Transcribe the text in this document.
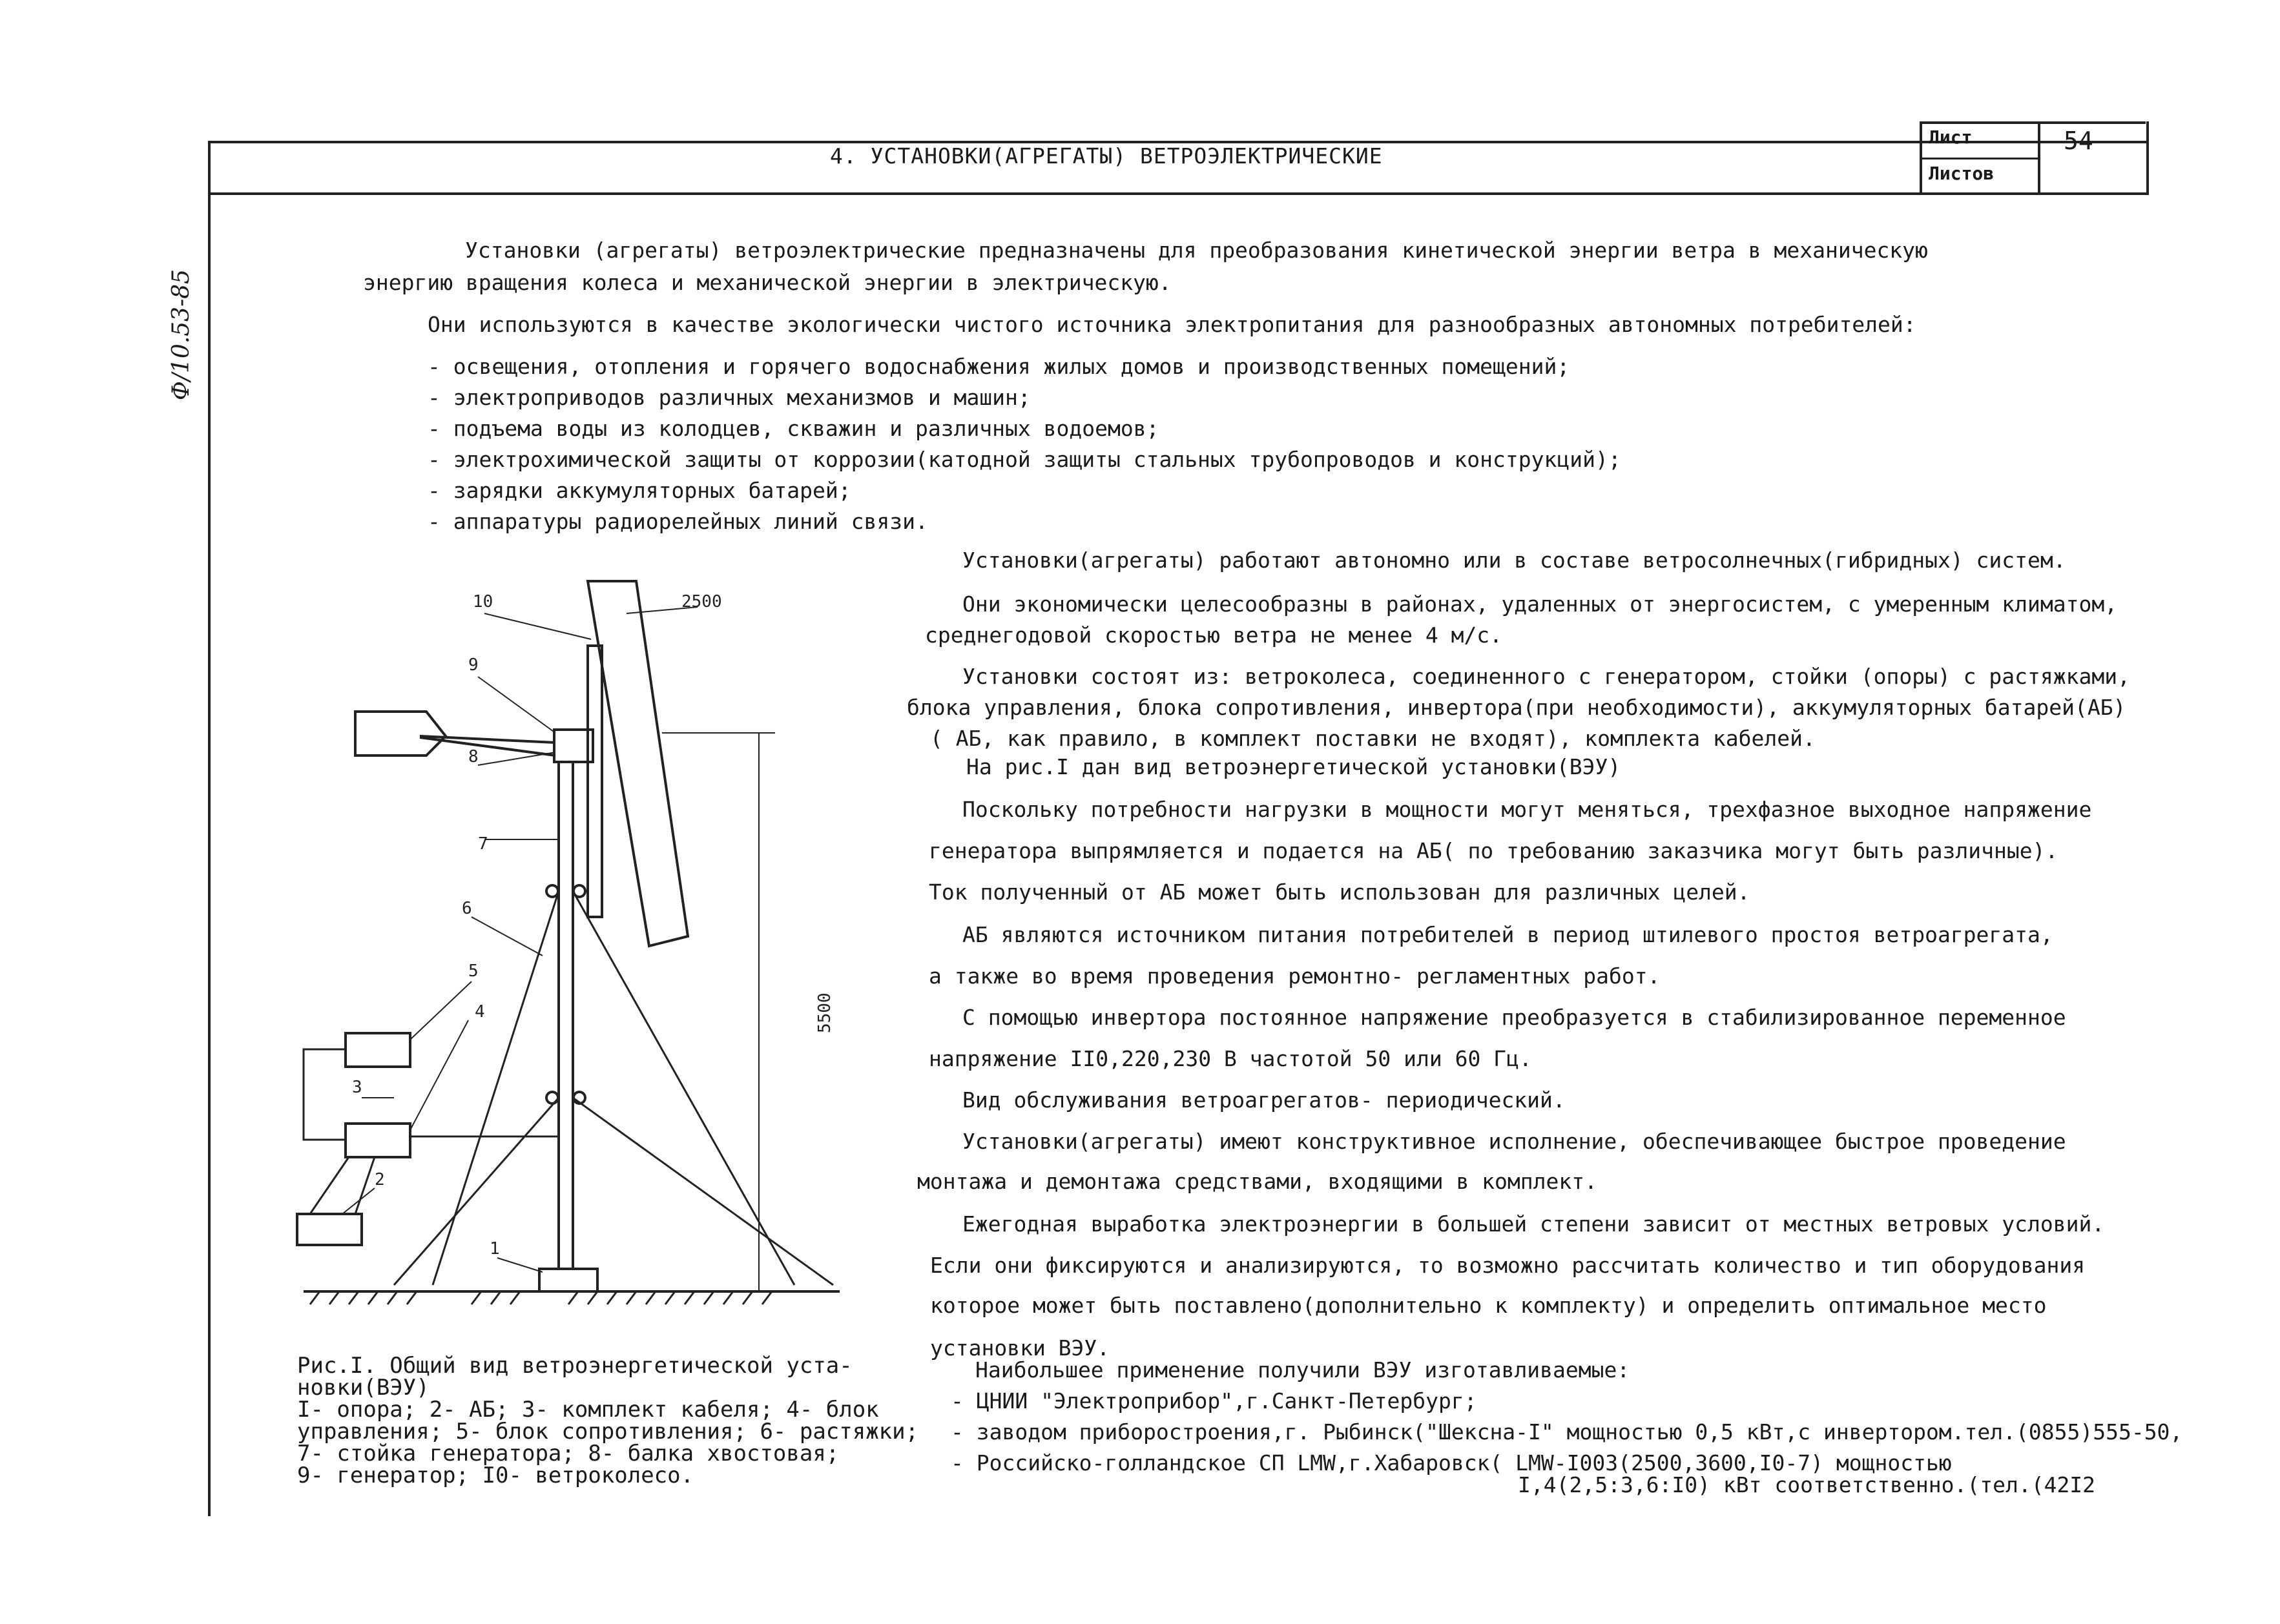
4. УСТАНОВКИ(АГРЕГАТЫ) ВЕТРОЭЛЕКТРИЧЕСКИЕ
Лист
Листов
54
Ф/10.53-85
Установки (агрегаты) ветроэлектрические предназначены для преобразования кинетической энергии ветра в механическую
энергию вращения колеса и механической энергии в электрическую.
Они используются в качестве экологически чистого источника электропитания для разнообразных автономных потребителей:
- освещения, отопления и горячего водоснабжения жилых домов и производственных помещений;
- электроприводов различных механизмов и машин;
- подъема воды из колодцев, скважин и различных водоемов;
- электрохимической защиты от коррозии(катодной защиты стальных трубопроводов и конструкций);
- зарядки аккумуляторных батарей;
- аппаратуры радиорелейных линий связи.
Установки(агрегаты) работают автономно или в составе ветросолнечных(гибридных) систем.
Они экономически целесообразны в районах, удаленных от энергосистем, с умеренным климатом,
среднегодовой скоростью ветра не менее 4 м/с.
Установки состоят из: ветроколеса, соединенного с генератором, стойки (опоры) с растяжками,
блока управления, блока сопротивления, инвертора(при необходимости), аккумуляторных батарей(АБ)
( АБ, как правило, в комплект поставки не входят), комплекта кабелей.
На рис.I дан вид ветроэнергетической установки(ВЭУ)
Поскольку потребности нагрузки в мощности могут меняться, трехфазное выходное напряжение
генератора выпрямляется и подается на АБ( по требованию заказчика могут быть различные).
Ток полученный от АБ может быть использован для различных целей.
АБ являются источником питания потребителей в период штилевого простоя ветроагрегата,
а также во время проведения ремонтно- регламентных работ.
С помощью инвертора постоянное напряжение преобразуется в стабилизированное переменное
напряжение II0,220,230 В частотой 50 или 60 Гц.
Вид обслуживания ветроагрегатов- периодический.
Установки(агрегаты) имеют конструктивное исполнение, обеспечивающее быстрое проведение
монтажа и демонтажа средствами, входящими в комплект.
Ежегодная выработка электроэнергии в большей степени зависит от местных ветровых условий.
Если они фиксируются и анализируются, то возможно рассчитать количество и тип оборудования
которое может быть поставлено(дополнительно к комплекту) и определить оптимальное место
установки ВЭУ.
Наибольшее применение получили ВЭУ изготавливаемые:
- ЦНИИ "Электроприбор",г.Санкт-Петербург;
- заводом приборостроения,г. Рыбинск("Шексна-I" мощностью 0,5 кВт,с инвертором.тел.(0855)555-50,
- Российско-голландское СП LMW,г.Хабаровск( LMW-I003(2500,3600,I0-7) мощностью
I,4(2,5:3,6:I0) кВт соответственно.(тел.(42I2
10
9
8
7
6
5
4
3
2
1
2500
5500
Рис.I. Общий вид ветроэнергетической уста-
новки(ВЭУ)
I- опора; 2- АБ; 3- комплект кабеля; 4- блок
управления; 5- блок сопротивления; 6- растяжки;
7- стойка генератора; 8- балка хвостовая;
9- генератор; I0- ветроколесо.
